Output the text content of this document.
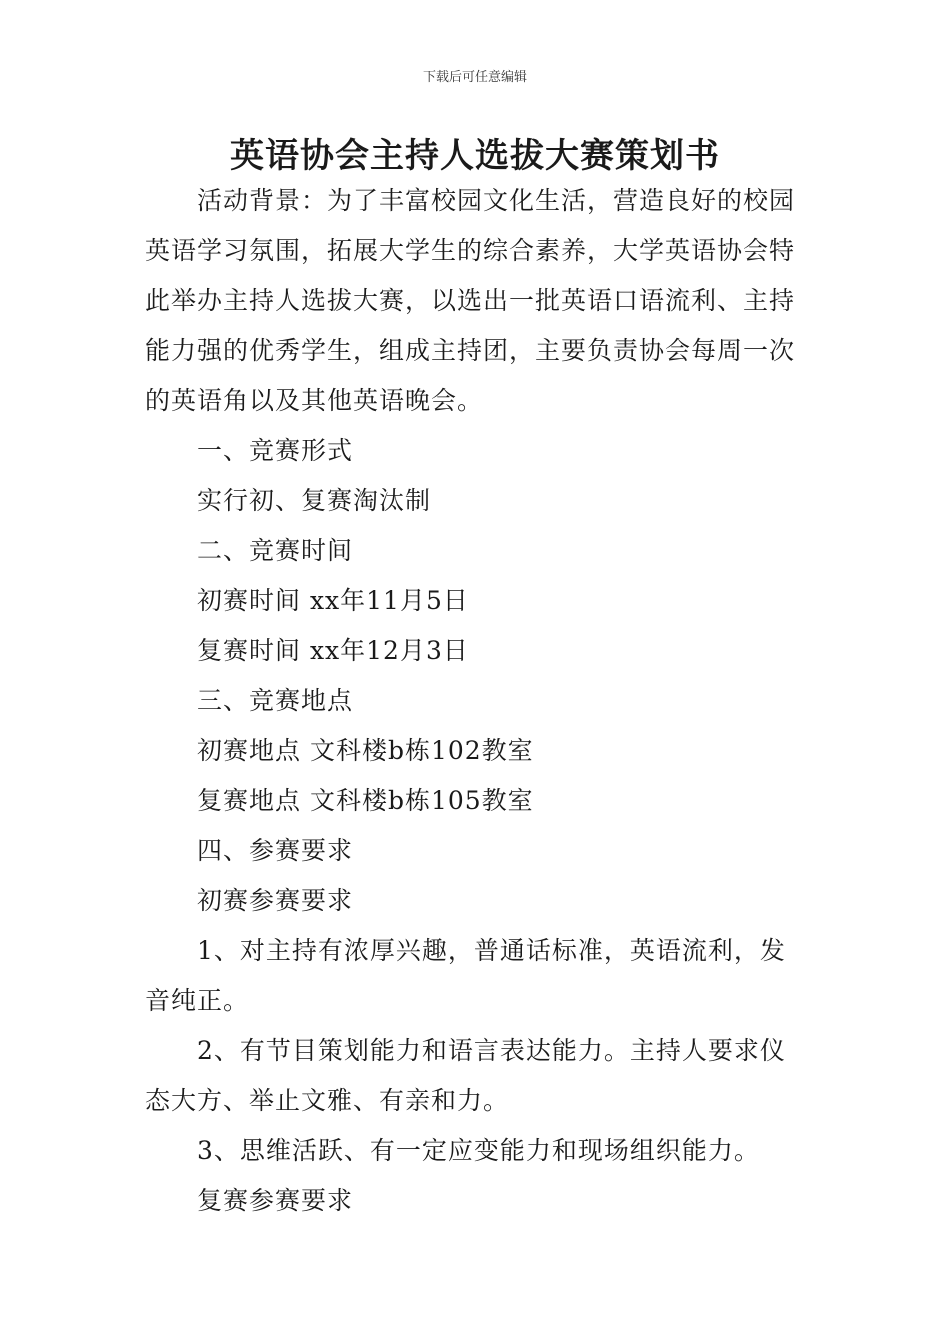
下载后可任意编辑
英语协会主持人选拔大赛策划书

活动背景：为了丰富校园文化生活，营造良好的校园英语学习氛围，拓展大学生的综合素养，大学英语协会特此举办主持人选拔大赛，以选出一批英语口语流利、主持能力强的优秀学生，组成主持团，主要负责协会每周一次的英语角以及其他英语晚会。

一、竞赛形式

实行初、复赛淘汰制

二、竞赛时间

初赛时间 xx年11月5日

复赛时间 xx年12月3日

三、竞赛地点

初赛地点 文科楼b栋102教室

复赛地点 文科楼b栋105教室

四、参赛要求

初赛参赛要求

1、对主持有浓厚兴趣，普通话标准，英语流利，发音纯正。

2、有节目策划能力和语言表达能力。主持人要求仪态大方、举止文雅、有亲和力。

3、思维活跃、有一定应变能力和现场组织能力。

复赛参赛要求
